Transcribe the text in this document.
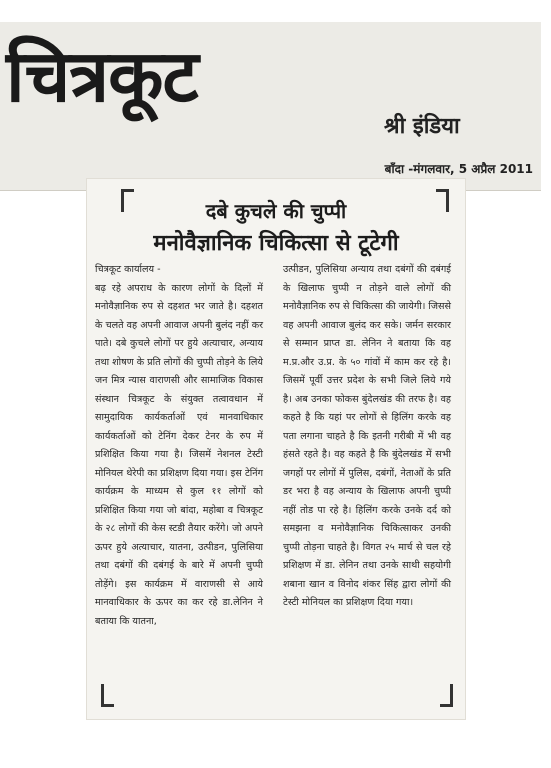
चित्रकूट
श्री इंडिया
बाँदा -मंगलवार, 5 अप्रैल 2011
दबे कुचले की चुप्पी
मनोवैज्ञानिक चिकित्सा से टूटेगी
चित्रकूट कार्यालय -
बढ़ रहे अपराध के कारण लोगों के दिलों में मनोवैज्ञानिक रुप से दहशत भर जाते है। दहशत के चलते वह अपनी आवाज अपनी बुलंद नहीं कर पाते। दबे कुचले लोगों पर हुये अत्याचार, अन्याय तथा शोषण के प्रति लोगों की चुप्पी तोड़ने के लिये जन मित्र न्यास वाराणसी और सामाजिक विकास संस्थान चित्रकूट के संयुक्त तत्वावधान में सामुदायिक कार्यकर्ताओं एवं मानवाधिकार कार्यकर्ताओं को टेनिंग देकर टेनर के रुप में प्रशिक्षित किया गया है। जिसमें नेशनल टेस्टी मोनियल थेरेपी का प्रशिक्षण दिया गया। इस टेनिंग कार्यक्रम के माध्यम से कुल ११ लोगों को प्रशिक्षित किया गया जो बांदा, महोबा व चित्रकूट के २८ लोगों की केस स्टडी तैयार करेंगे। जो अपने ऊपर हुये अत्याचार, यातना, उत्पीडन, पुलिसिया तथा दबंगों की दबंगई के बारे में अपनी चुप्पी तोड़ेंगे। इस कार्यक्रम में वाराणसी से आये मानवाधिकार के ऊपर का कर रहे डा.लेनिन ने बताया कि यातना,
उत्पीडन, पुलिसिया अन्याय तथा दबंगों की दबंगई के खिलाफ चुप्पी न तोड़ने वाले लोगों की मनोवैज्ञानिक रुप से चिकित्सा की जायेगी। जिससे वह अपनी आवाज बुलंद कर सके। जर्मन सरकार से सम्मान प्राप्त डा. लेनिन ने बताया कि वह म.प्र.और उ.प्र. के ५० गांवों में काम कर रहे है। जिसमें पूर्वी उत्तर प्रदेश के सभी जिले लिये गये है। अब उनका फोकस बुंदेलखंड की तरफ है। वह कहते है कि यहां पर लोगों से हिलिंग करके वह पता लगाना चाहते है कि इतनी गरीबी में भी वह हंसते रहते है। वह कहते है कि बुंदेलखंड में सभी जगहों पर लोगों में पुलिस, दबंगों, नेताओं के प्रति डर भरा है वह अन्याय के खिलाफ अपनी चुप्पी नहीं तोड पा रहे है। हिलिंग करके उनके दर्द को समझना व मनोवैज्ञानिक चिकित्साकर उनकी चुप्पी तोड़ना चाहते है। विगत २५ मार्च से चल रहे प्रशिक्षण में डा. लेनिन तथा उनके साथी सहयोगी शबाना खान व विनोद शंकर सिंह द्वारा लोगों की टेस्टी मोनियल का प्रशिक्षण दिया गया।
